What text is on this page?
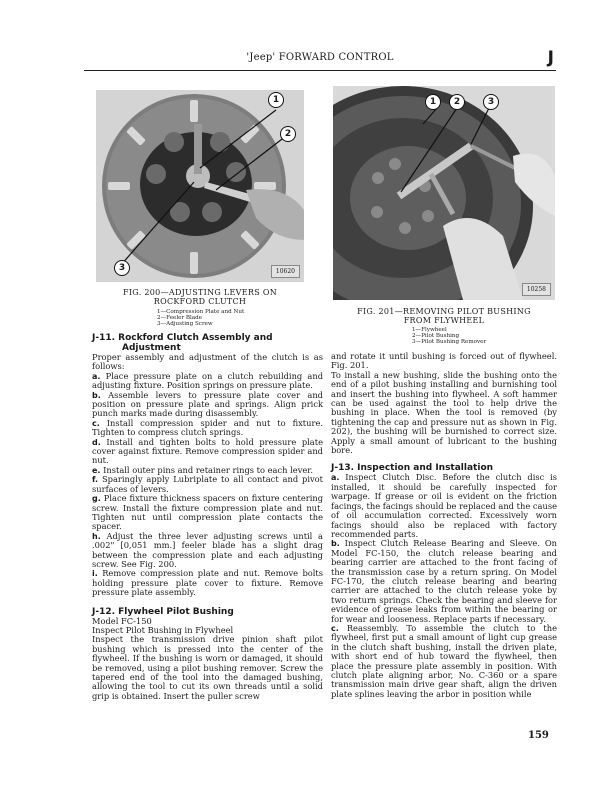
'Jeep' FORWARD CONTROL	J
1
2
3	10620
FIG. 200—ADJUSTING LEVERS ON
ROCKFORD CLUTCH
1—Compression Plate and Nut
2—Feeler Blade
3—Adjusting Screw
1	2	3
10258
FIG. 201—REMOVING PILOT BUSHING
FROM FLYWHEEL
1—Flywheel
2—Pilot Bushing
3—Pilot Bushing Remover
J-11. Rockford Clutch Assembly and
Adjustment

Proper assembly and adjustment of the clutch is as follows:

a. Place pressure plate on a clutch rebuilding and adjusting fixture. Position springs on pressure plate.

b. Assemble levers to pressure plate cover and position on pressure plate and springs. Align prick punch marks made during disassembly.

c. Install compression spider and nut to fixture. Tighten to compress clutch springs.

d. Install and tighten bolts to hold pressure plate cover against fixture. Remove compression spider and nut.

e. Install outer pins and retainer rings to each lever.

f. Sparingly apply Lubriplate to all contact and pivot surfaces of levers.

g. Place fixture thickness spacers on fixture centering screw. Install the fixture compression plate and nut. Tighten nut until compression plate contacts the spacer.

h. Adjust the three lever adjusting screws until a .002" [0,051 mm.] feeler blade has a slight drag between the compression plate and each adjusting screw. See Fig. 200.

i. Remove compression plate and nut. Remove bolts holding pressure plate cover to fixture. Remove pressure plate assembly.

J-12. Flywheel Pilot Bushing

Model FC-150

Inspect Pilot Bushing in Flywheel

Inspect the transmission drive pinion shaft pilot bushing which is pressed into the center of the flywheel. If the bushing is worn or damaged, it should be removed, using a pilot bushing remover. Screw the tapered end of the tool into the damaged bushing, allowing the tool to cut its own threads until a solid grip is obtained. Insert the puller screw

and rotate it until bushing is forced out of flywheel. Fig. 201.

To install a new bushing, slide the bushing onto the end of a pilot bushing installing and burnishing tool and insert the bushing into flywheel. A soft hammer can be used against the tool to help drive the bushing in place. When the tool is removed (by tightening the cap and pressure nut as shown in Fig. 202), the bushing will be burnished to correct size. Apply a small amount of lubricant to the bushing bore.

J-13. Inspection and Installation

a. Inspect Clutch Disc. Before the clutch disc is installed, it should be carefully inspected for warpage. If grease or oil is evident on the friction facings, the facings should be replaced and the cause of oil accumulation corrected. Excessively worn facings should also be replaced with factory recommended parts.

b. Inspect Clutch Release Bearing and Sleeve. On Model FC-150, the clutch release bearing and bearing carrier are attached to the front facing of the transmission case by a return spring. On Model FC-170, the clutch release bearing and bearing carrier are attached to the clutch release yoke by two return springs. Check the bearing and sleeve for evidence of grease leaks from within the bearing or for wear and looseness. Replace parts if necessary.

c. Reassembly. To assemble the clutch to the flywheel, first put a small amount of light cup grease in the clutch shaft bushing, install the driven plate, with short end of hub toward the flywheel, then place the pressure plate assembly in position. With clutch plate aligning arbor, No. C-360 or a spare transmission main drive gear shaft, align the driven plate splines leaving the arbor in position while

159
